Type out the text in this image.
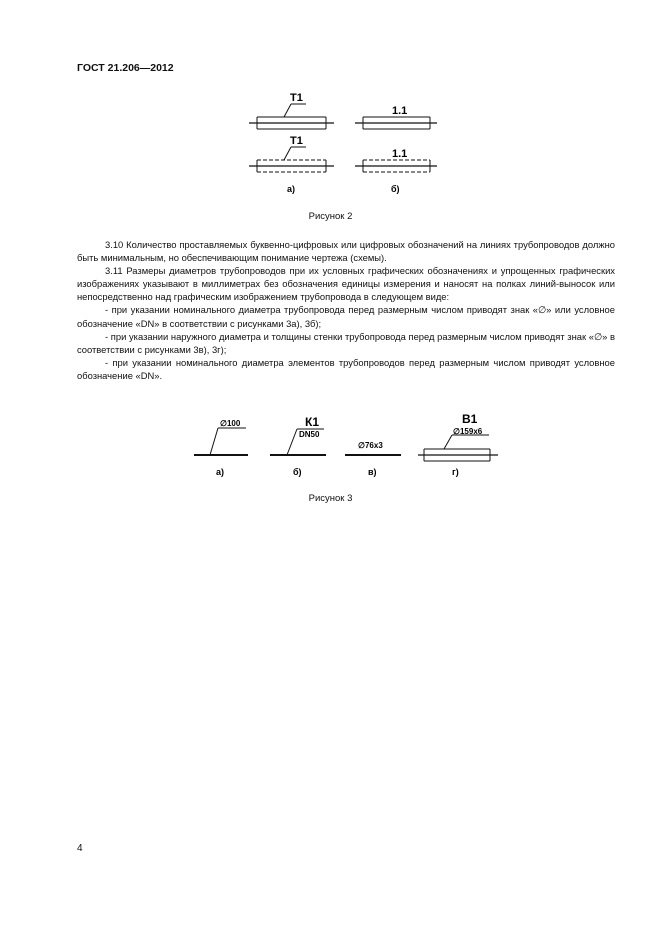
ГОСТ 21.206—2012
Т1
1.1
Т1
1.1
а)	б)
Рисунок 2

3.10 Количество проставляемых буквенно-цифровых или цифровых обозначений на линиях трубопроводов должно быть минимальным, но обеспечивающим понимание чертежа (схемы).

3.11 Размеры диаметров трубопроводов при их условных графических обозначениях и упрощенных графических изображениях указывают в миллиметрах без обозначения единицы измерения и наносят на полках линий-выносок или непосредственно над графическим изображением трубопровода в следующем виде:

- при указании номинального диаметра трубопровода перед размерным числом приводят знак «∅» или условное обозначение «DN» в соответствии с рисунками 3а), 3б);

- при указании наружного диаметра и толщины стенки трубопровода перед размерным числом приводят знак «∅» в соответствии с рисунками 3в), 3г);

- при указании номинального диаметра элементов трубопроводов перед размерным числом приводят условное обозначение «DN».

∅100	К1
DN50
∅76х3
В1
∅159х6
а)	б)	в)	г)
Рисунок 3
4
